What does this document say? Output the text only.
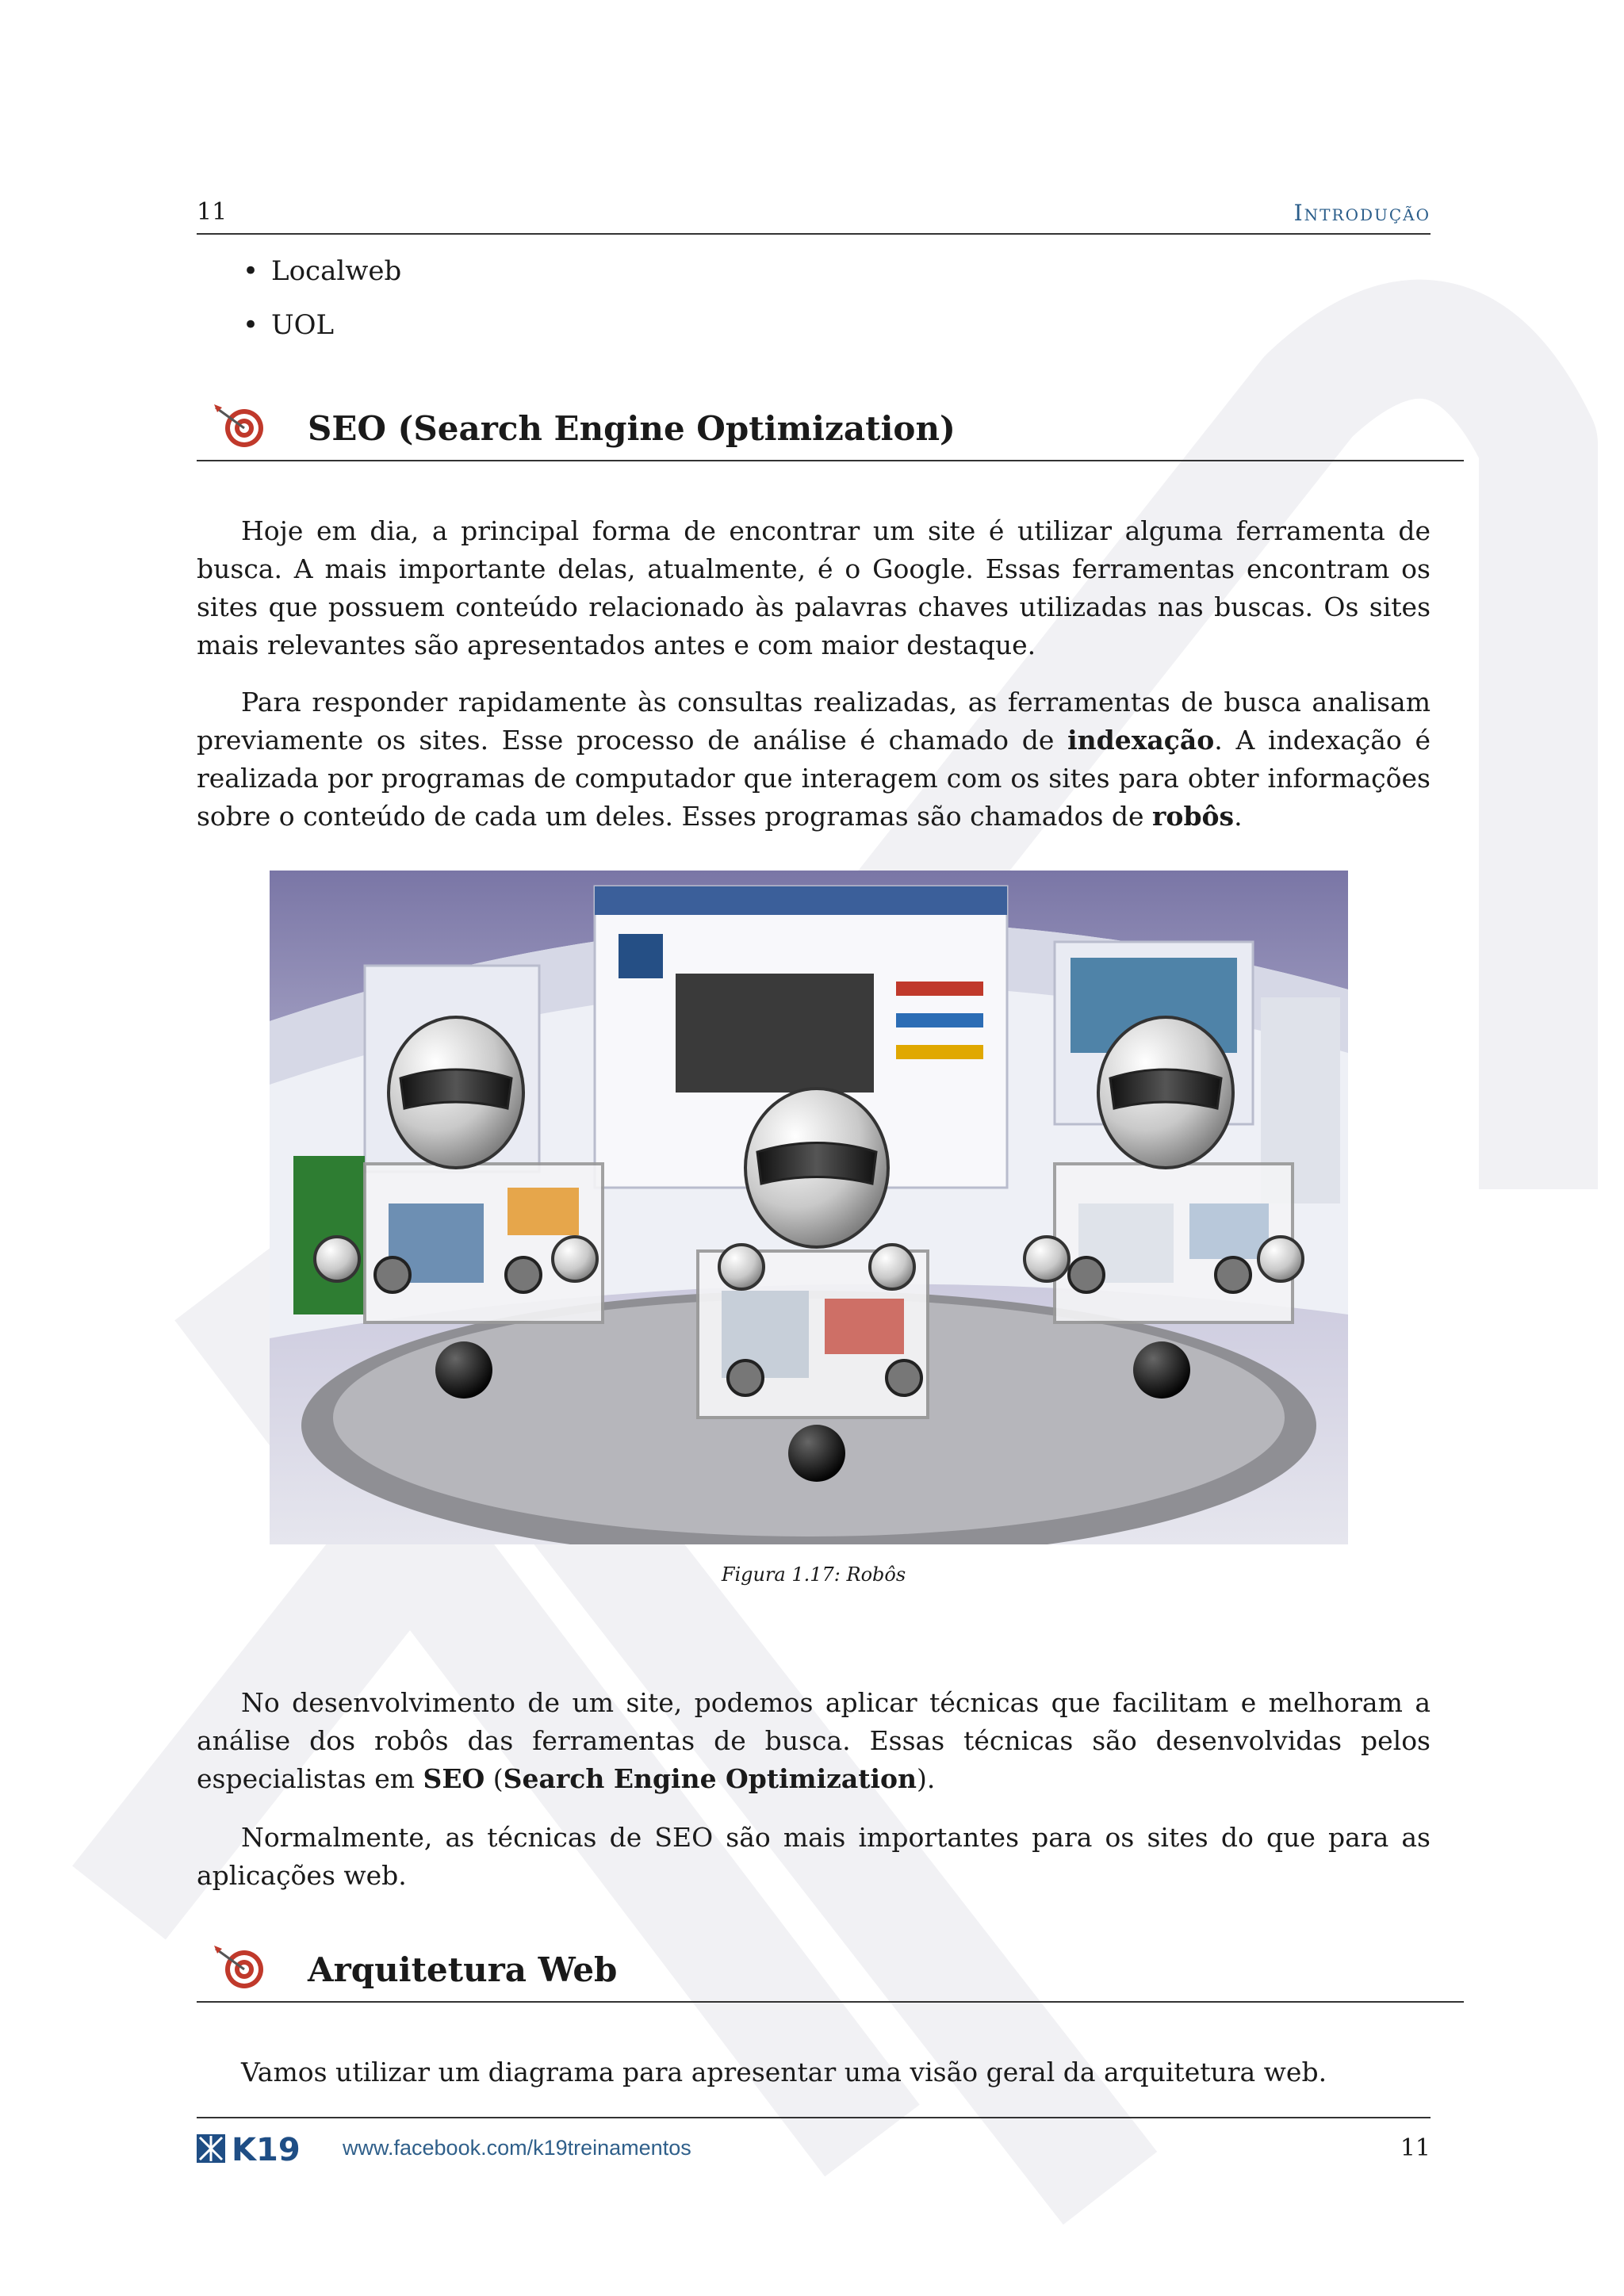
11	Introdução
• Localweb
• UOL
SEO (Search Engine Optimization)

Hoje em dia, a principal forma de encontrar um site é utilizar alguma ferramenta de busca. A mais importante delas, atualmente, é o Google. Essas ferramentas encontram os sites que possuem conteúdo relacionado às palavras chaves utilizadas nas buscas. Os sites mais relevantes são apresentados antes e com maior destaque.

Para responder rapidamente às consultas realizadas, as ferramentas de busca analisam previamente os sites. Esse processo de análise é chamado de indexação. A indexação é realizada por programas de computador que interagem com os sites para obter informações sobre o conteúdo de cada um deles. Esses programas são chamados de robôs.

Figura 1.17: Robôs

No desenvolvimento de um site, podemos aplicar técnicas que facilitam e melhoram a análise dos robôs das ferramentas de busca. Essas técnicas são desenvolvidas pelos especialistas em SEO (Search Engine Optimization).

Normalmente, as técnicas de SEO são mais importantes para os sites do que para as aplicações web.

Arquitetura Web

Vamos utilizar um diagrama para apresentar uma visão geral da arquitetura web.

K19 www.facebook.com/k19treinamentos	11
